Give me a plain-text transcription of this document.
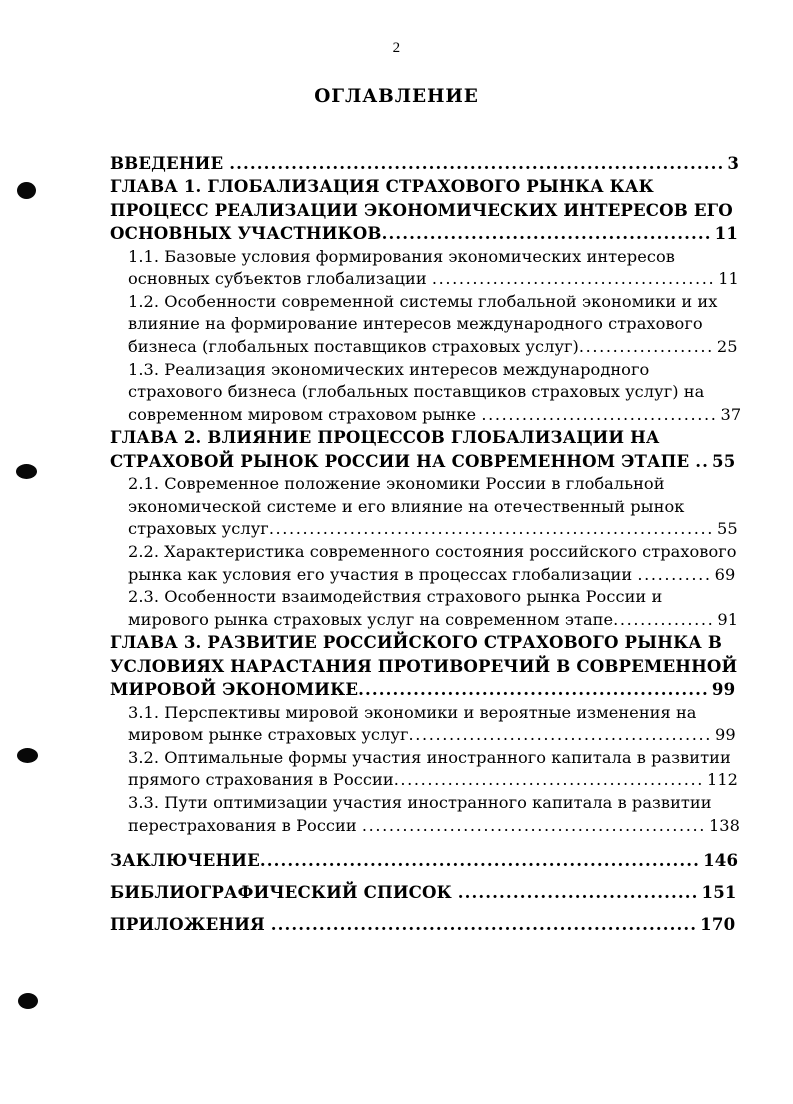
2
ОГЛАВЛЕНИЕ
ВВЕДЕНИЕ ........................................................................ 3
ГЛАВА 1. ГЛОБАЛИЗАЦИЯ СТРАХОВОГО РЫНКА КАК ПРОЦЕСС РЕАЛИЗАЦИИ ЭКОНОМИЧЕСКИХ ИНТЕРЕСОВ ЕГО ОСНОВНЫХ УЧАСТНИКОВ................................................ 11
1.1. Базовые условия формирования экономических интересов основных субъектов глобализации .......................................... 11
1.2. Особенности современной системы глобальной экономики и их влияние на формирование интересов международного страхового бизнеса (глобальных поставщиков страховых услуг).................... 25
1.3. Реализация экономических интересов международного страхового бизнеса (глобальных поставщиков страховых услуг) на современном мировом страховом рынке ................................... 37
ГЛАВА 2. ВЛИЯНИЕ ПРОЦЕССОВ ГЛОБАЛИЗАЦИИ НА СТРАХОВОЙ РЫНОК РОССИИ НА СОВРЕМЕННОМ ЭТАПЕ .. 55
2.1. Современное положение экономики России в глобальной экономической системе и его влияние на отечественный рынок страховых услуг.................................................................. 55
2.2. Характеристика современного состояния российского страхового рынка как условия его участия в процессах глобализации ........... 69
2.3. Особенности взаимодействия страхового рынка России и мирового рынка страховых услуг на современном этапе............... 91
ГЛАВА 3. РАЗВИТИЕ РОССИЙСКОГО СТРАХОВОГО РЫНКА В УСЛОВИЯХ НАРАСТАНИЯ ПРОТИВОРЕЧИЙ В СОВРЕМЕННОЙ МИРОВОЙ ЭКОНОМИКЕ................................................... 99
3.1. Перспективы мировой экономики и вероятные изменения на мировом рынке страховых услуг............................................. 99
3.2. Оптимальные формы участия иностранного капитала в развитии прямого страхования в России.............................................. 112
3.3. Пути оптимизации участия иностранного капитала в развитии перестрахования в России ................................................... 138
ЗАКЛЮЧЕНИЕ................................................................ 146
БИБЛИОГРАФИЧЕСКИЙ СПИСОК ................................... 151
ПРИЛОЖЕНИЯ .............................................................. 170
